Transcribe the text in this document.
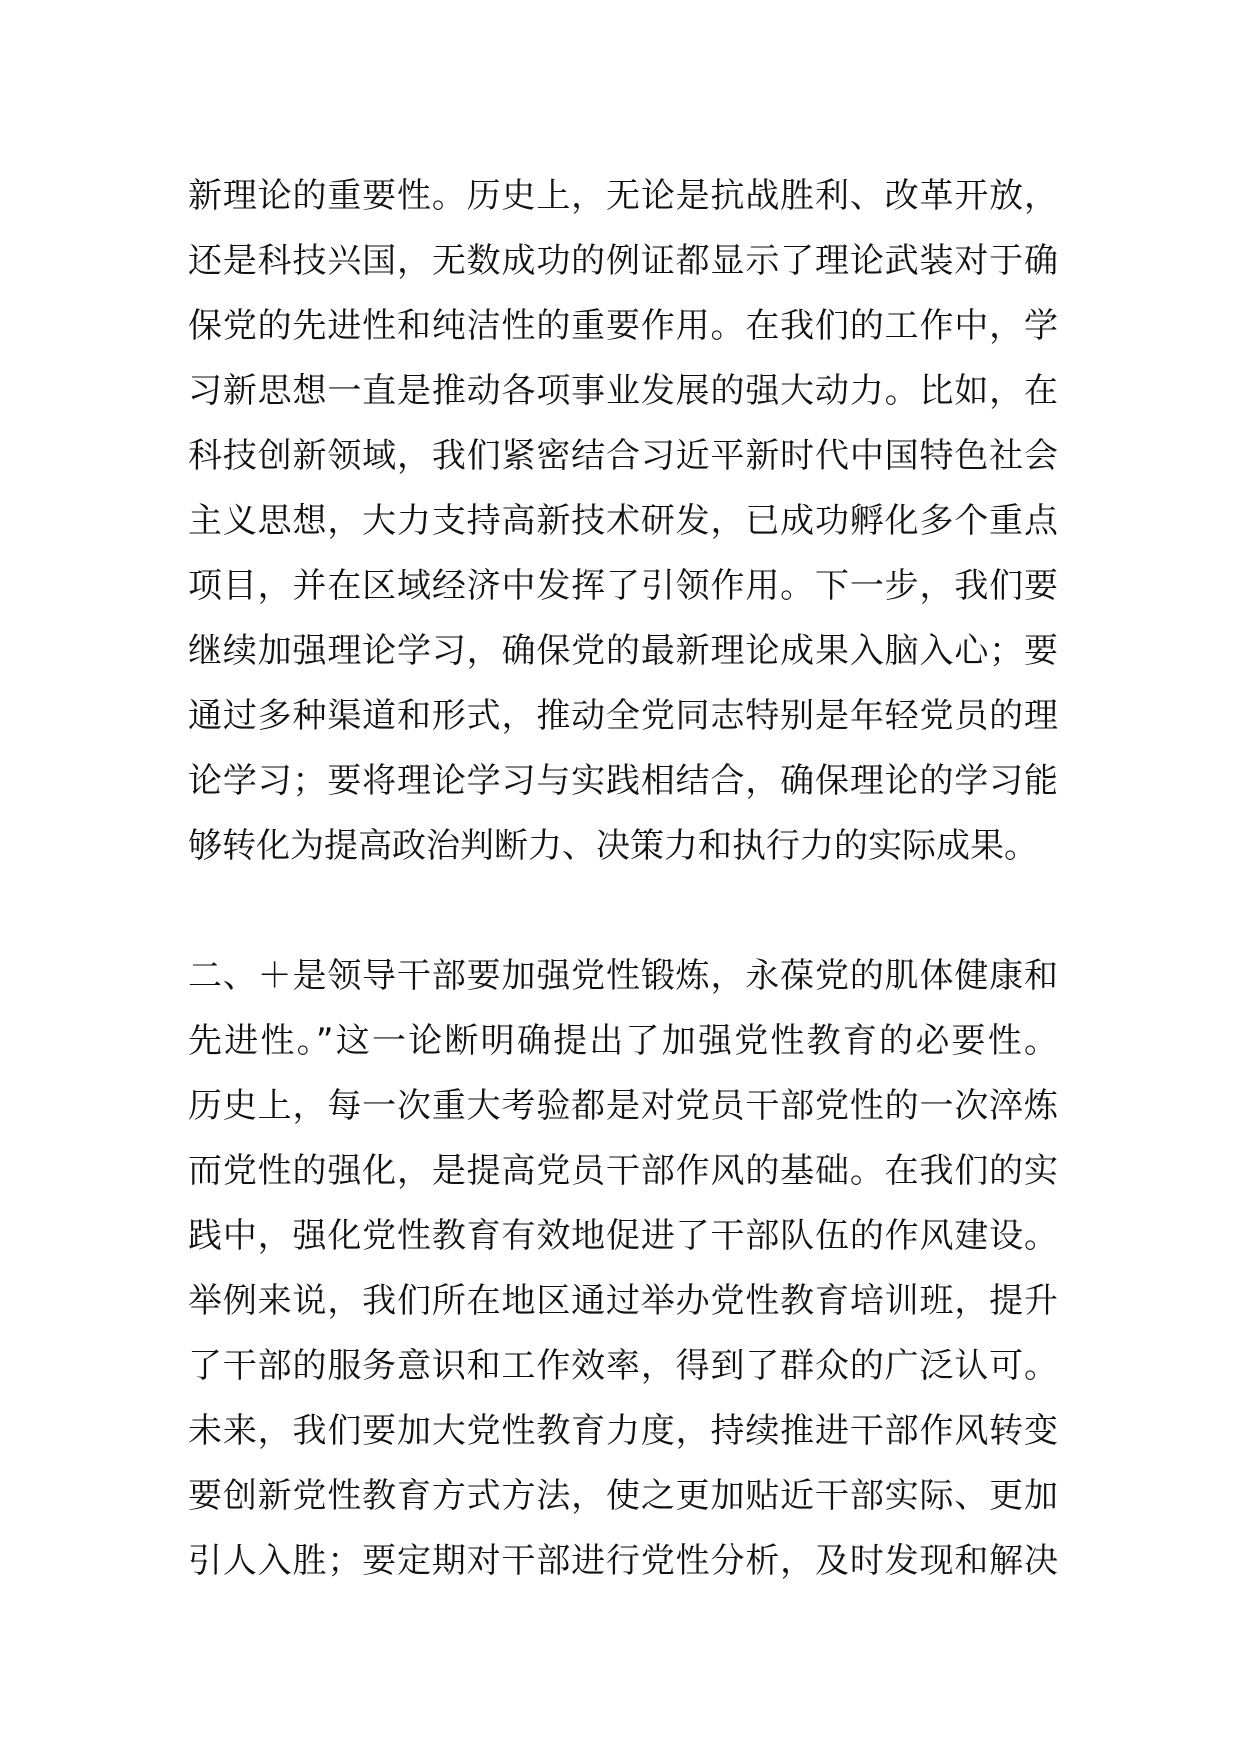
新理论的重要性。历史上，无论是抗战胜利、改革开放，
还是科技兴国，无数成功的例证都显示了理论武装对于确
保党的先进性和纯洁性的重要作用。在我们的工作中，学
习新思想一直是推动各项事业发展的强大动力。比如，在
科技创新领域，我们紧密结合习近平新时代中国特色社会
主义思想，大力支持高新技术研发，已成功孵化多个重点
项目，并在区域经济中发挥了引领作用。下一步，我们要
继续加强理论学习，确保党的最新理论成果入脑入心；要
通过多种渠道和形式，推动全党同志特别是年轻党员的理
论学习；要将理论学习与实践相结合，确保理论的学习能
够转化为提高政治判断力、决策力和执行力的实际成果。
二、＋是领导干部要加强党性锻炼，永葆党的肌体健康和
先进性。”这一论断明确提出了加强党性教育的必要性。
历史上，每一次重大考验都是对党员干部党性的一次淬炼
而党性的强化，是提高党员干部作风的基础。在我们的实
践中，强化党性教育有效地促进了干部队伍的作风建设。
举例来说，我们所在地区通过举办党性教育培训班，提升
了干部的服务意识和工作效率，得到了群众的广泛认可。
未来，我们要加大党性教育力度，持续推进干部作风转变
要创新党性教育方式方法，使之更加贴近干部实际、更加
引人入胜；要定期对干部进行党性分析，及时发现和解决
